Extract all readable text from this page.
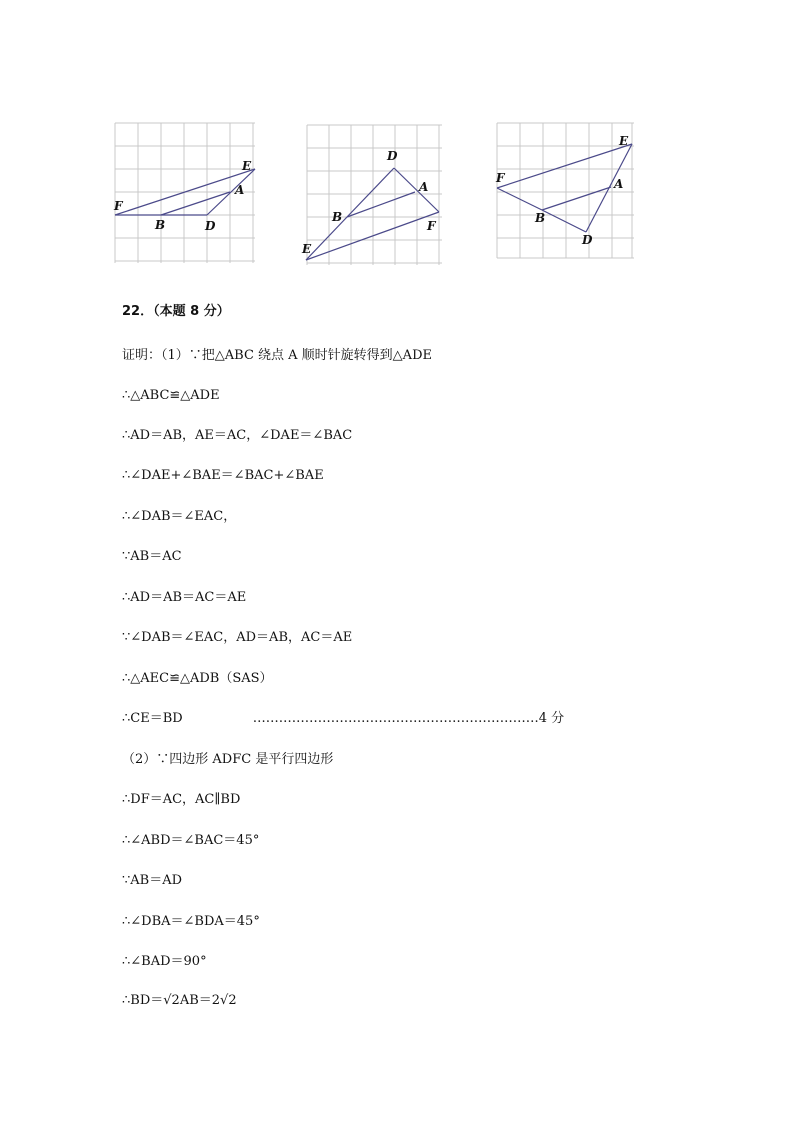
E
A
F
B	D
D
A
B
F
E
E
F	A
B
D
22．（本题 8 分）
证明：（1）∵把△ABC 绕点 A 顺时针旋转得到△ADE
∴△ABC≌△ADE
∴AD＝AB，AE＝AC，∠DAE＝∠BAC
∴∠DAE+∠BAE＝∠BAC+∠BAE
∴∠DAB＝∠EAC，
∵AB＝AC
∴AD＝AB＝AC＝AE
∵∠DAB＝∠EAC，AD＝AB，AC＝AE
∴△AEC≌△ADB（SAS）
∴CE＝BD	…………………………………………………………4 分
（2）∵四边形 ADFC 是平行四边形
∴DF＝AC，AC∥BD
∴∠ABD＝∠BAC＝45°
∵AB＝AD
∴∠DBA＝∠BDA＝45°
∴∠BAD＝90°
∴BD＝√2AB＝2√2
